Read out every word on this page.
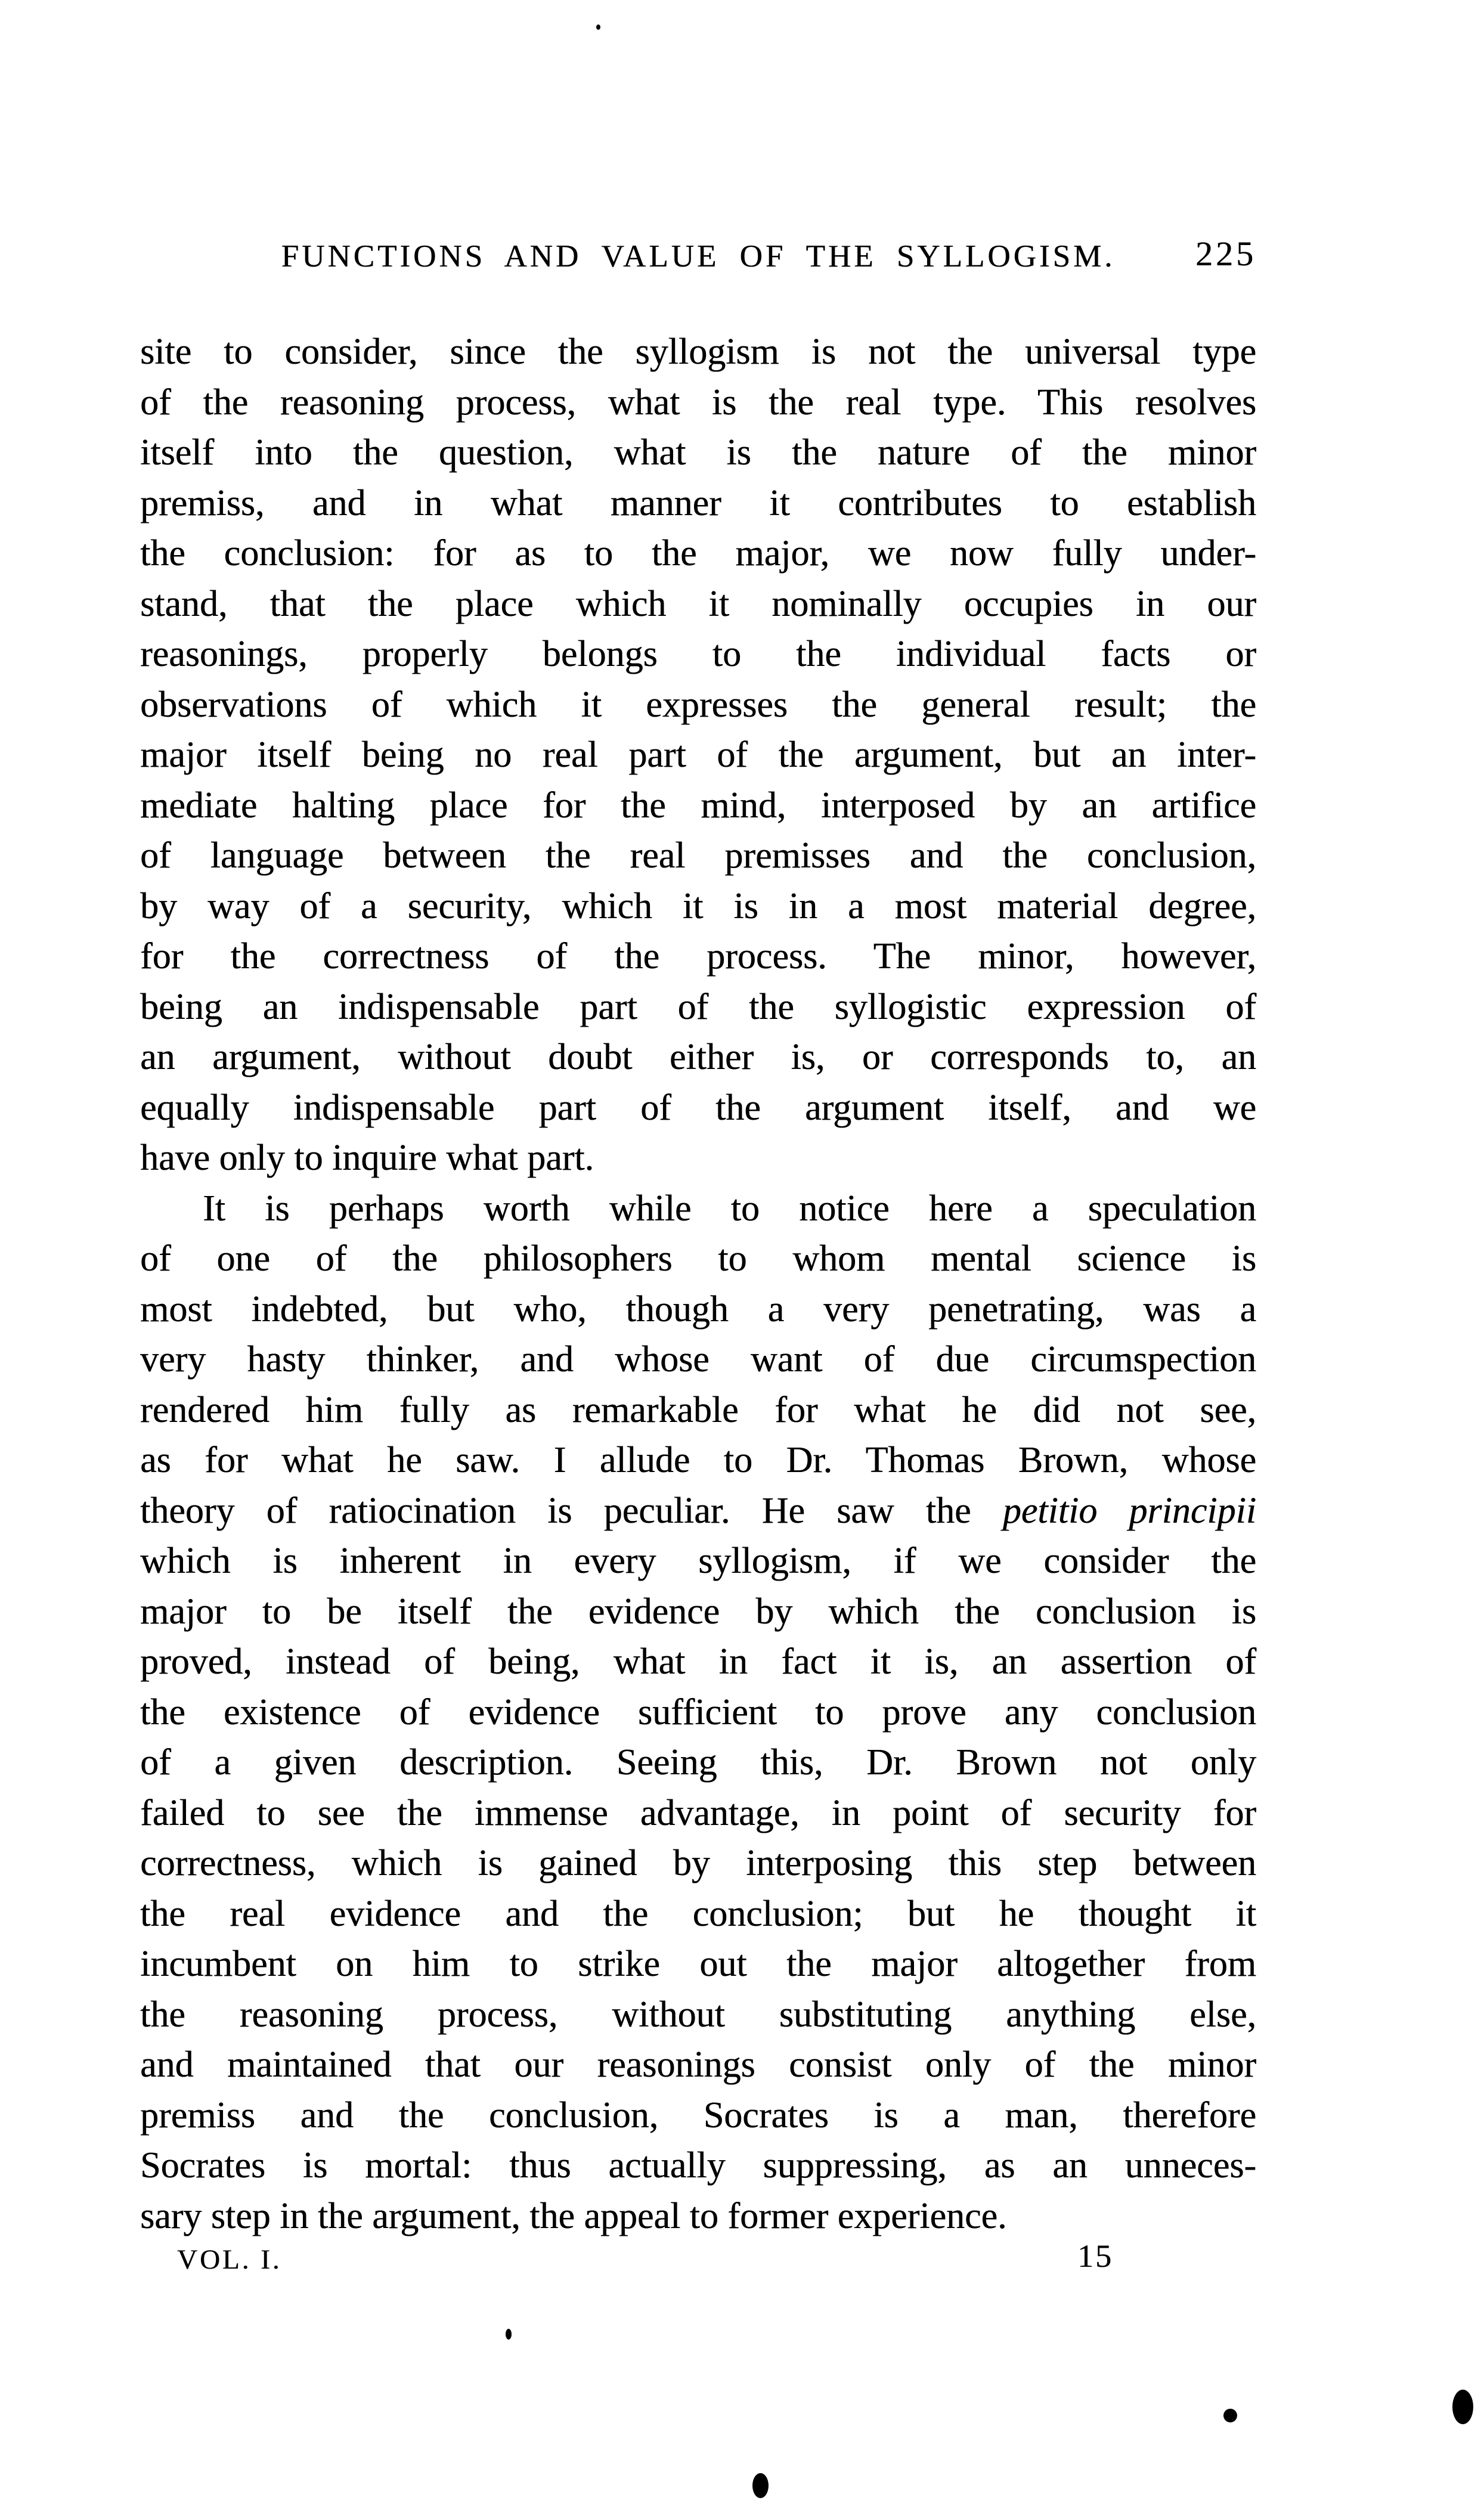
FUNCTIONS AND VALUE OF THE SYLLOGISM.	225
site to consider, since the syllogism is not the universal type
of the reasoning process, what is the real type. This resolves
itself into the question, what is the nature of the minor
premiss, and in what manner it contributes to establish
the conclusion: for as to the major, we now fully under-
stand, that the place which it nominally occupies in our
reasonings, properly belongs to the individual facts or
observations of which it expresses the general result; the
major itself being no real part of the argument, but an inter-
mediate halting place for the mind, interposed by an artifice
of language between the real premisses and the conclusion,
by way of a security, which it is in a most material degree,
for the correctness of the process. The minor, however,
being an indispensable part of the syllogistic expression of
an argument, without doubt either is, or corresponds to, an
equally indispensable part of the argument itself, and we
have only to inquire what part.
It is perhaps worth while to notice here a speculation
of one of the philosophers to whom mental science is
most indebted, but who, though a very penetrating, was a
very hasty thinker, and whose want of due circumspection
rendered him fully as remarkable for what he did not see,
as for what he saw. I allude to Dr. Thomas Brown, whose
theory of ratiocination is peculiar. He saw the petitio principii
which is inherent in every syllogism, if we consider the
major to be itself the evidence by which the conclusion is
proved, instead of being, what in fact it is, an assertion of
the existence of evidence sufficient to prove any conclusion
of a given description. Seeing this, Dr. Brown not only
failed to see the immense advantage, in point of security for
correctness, which is gained by interposing this step between
the real evidence and the conclusion; but he thought it
incumbent on him to strike out the major altogether from
the reasoning process, without substituting anything else,
and maintained that our reasonings consist only of the minor
premiss and the conclusion, Socrates is a man, therefore
Socrates is mortal: thus actually suppressing, as an unneces-
sary step in the argument, the appeal to former experience.
VOL. I.	15
